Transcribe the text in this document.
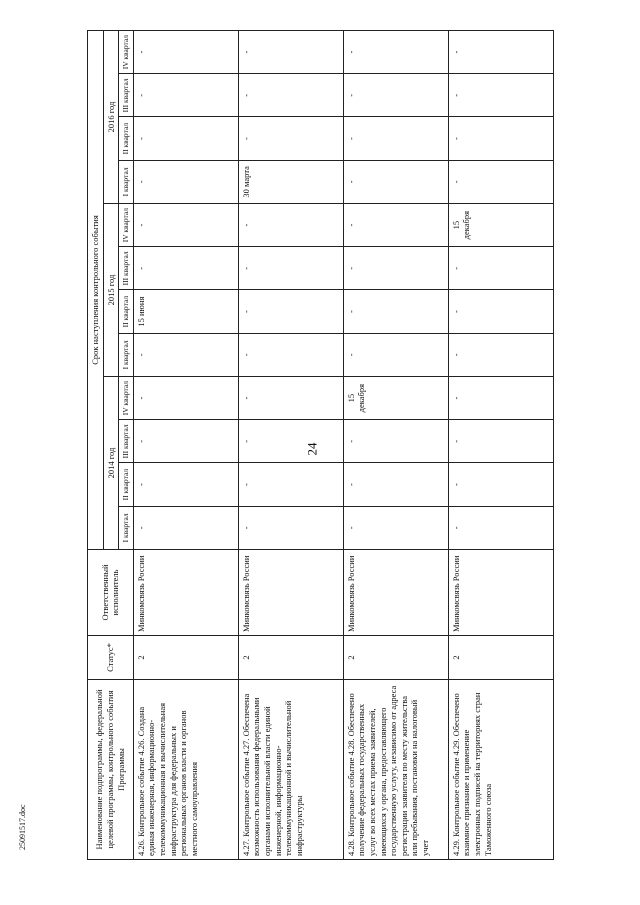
24
25091517.doc	Наименование подпрограммы, федеральной целевой программы, контрольного события Программы	Статус*	Ответственный исполнитель	Срок наступления контрольного события											
			2014 год				2015 год				2016 год			
			I квартал	II квартал	III квартал	IV квартал	I квартал	II квартал	III квартал	IV квартал	I квартал	II квартал	III квартал	IV квартал
4.26. Контрольное событие 4.26. Создана единая инженерная, информационно-телекоммуникационная и вычислительная инфраструктура для федеральных и региональных органов власти и органов местного самоуправления	2	Минкомсвязь России	-	-	-	-	-	15 июня	-	-	-	-	-	-
4.27. Контрольное событие 4.27. Обеспечена возможность использования федеральными органами исполнительной власти единой инженерной, информационно-телекоммуникационной и вычислительной инфраструктуры	2	Минкомсвязь России	-	-	-	-	-	-	-	-	30 марта	-	-	-
4.28. Контрольное событие 4.28. Обеспечено получение федеральных государственных услуг во всех местах приема заявителей, имеющихся у органа, предоставляющего государственную услугу, независимо от адреса регистрации заявителя по месту жительства или пребывания, постановки на налоговый учет	2	Минкомсвязь России	-	-	-	15 декабря	-	-	-	-	-	-	-	-
4.29. Контрольное событие 4.29. Обеспечено взаимное признание и применение электронных подписей на территориях стран Таможенного союза	2	Минкомсвязь России	-	-	-	-	-	-	-	15 декабря	-	-	-	-
